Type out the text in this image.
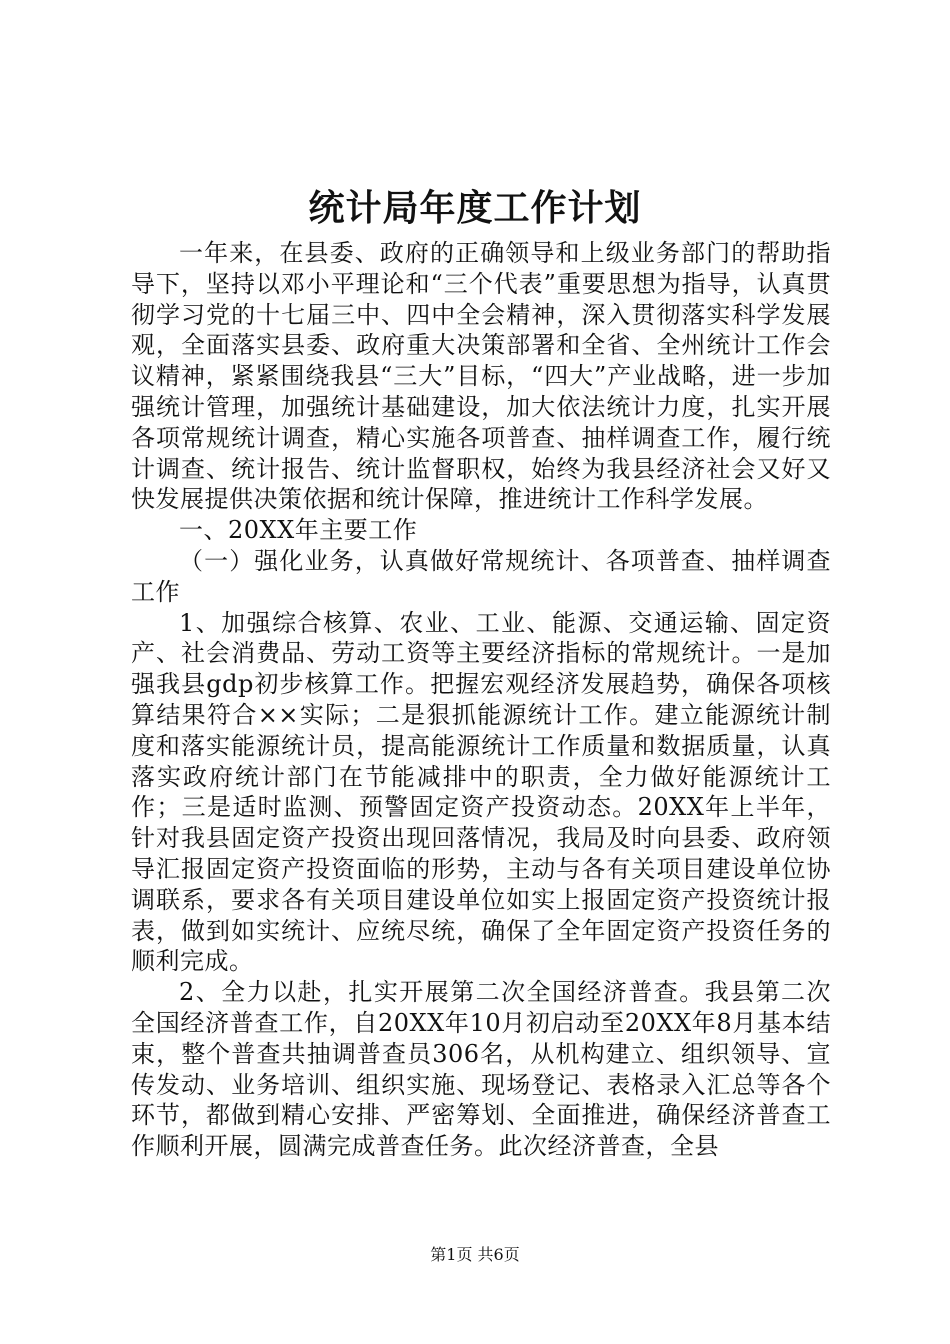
统计局年度工作计划

一年来，在县委、政府的正确领导和上级业务部门的帮助指导下，坚持以邓小平理论和“三个代表”重要思想为指导，认真贯彻学习党的十七届三中、四中全会精神，深入贯彻落实科学发展观，全面落实县委、政府重大决策部署和全省、全州统计工作会议精神，紧紧围绕我县“三大”目标，“四大”产业战略，进一步加强统计管理，加强统计基础建设，加大依法统计力度，扎实开展各项常规统计调查，精心实施各项普查、抽样调查工作，履行统计调查、统计报告、统计监督职权，始终为我县经济社会又好又快发展提供决策依据和统计保障，推进统计工作科学发展。

一、20XX年主要工作

（一）强化业务，认真做好常规统计、各项普查、抽样调查工作

1、加强综合核算、农业、工业、能源、交通运输、固定资产、社会消费品、劳动工资等主要经济指标的常规统计。一是加强我县gdp初步核算工作。把握宏观经济发展趋势，确保各项核算结果符合××实际；二是狠抓能源统计工作。建立能源统计制度和落实能源统计员，提高能源统计工作质量和数据质量，认真落实政府统计部门在节能减排中的职责，全力做好能源统计工作；三是适时监测、预警固定资产投资动态。20XX年上半年，针对我县固定资产投资出现回落情况，我局及时向县委、政府领导汇报固定资产投资面临的形势，主动与各有关项目建设单位协调联系，要求各有关项目建设单位如实上报固定资产投资统计报表，做到如实统计、应统尽统，确保了全年固定资产投资任务的顺利完成。

2、全力以赴，扎实开展第二次全国经济普查。我县第二次全国经济普查工作，自20XX年10月初启动至20XX年8月基本结束，整个普查共抽调普查员306名，从机构建立、组织领导、宣传发动、业务培训、组织实施、现场登记、表格录入汇总等各个环节，都做到精心安排、严密筹划、全面推进，确保经济普查工作顺利开展，圆满完成普查任务。此次经济普查，全县

第1页 共6页
